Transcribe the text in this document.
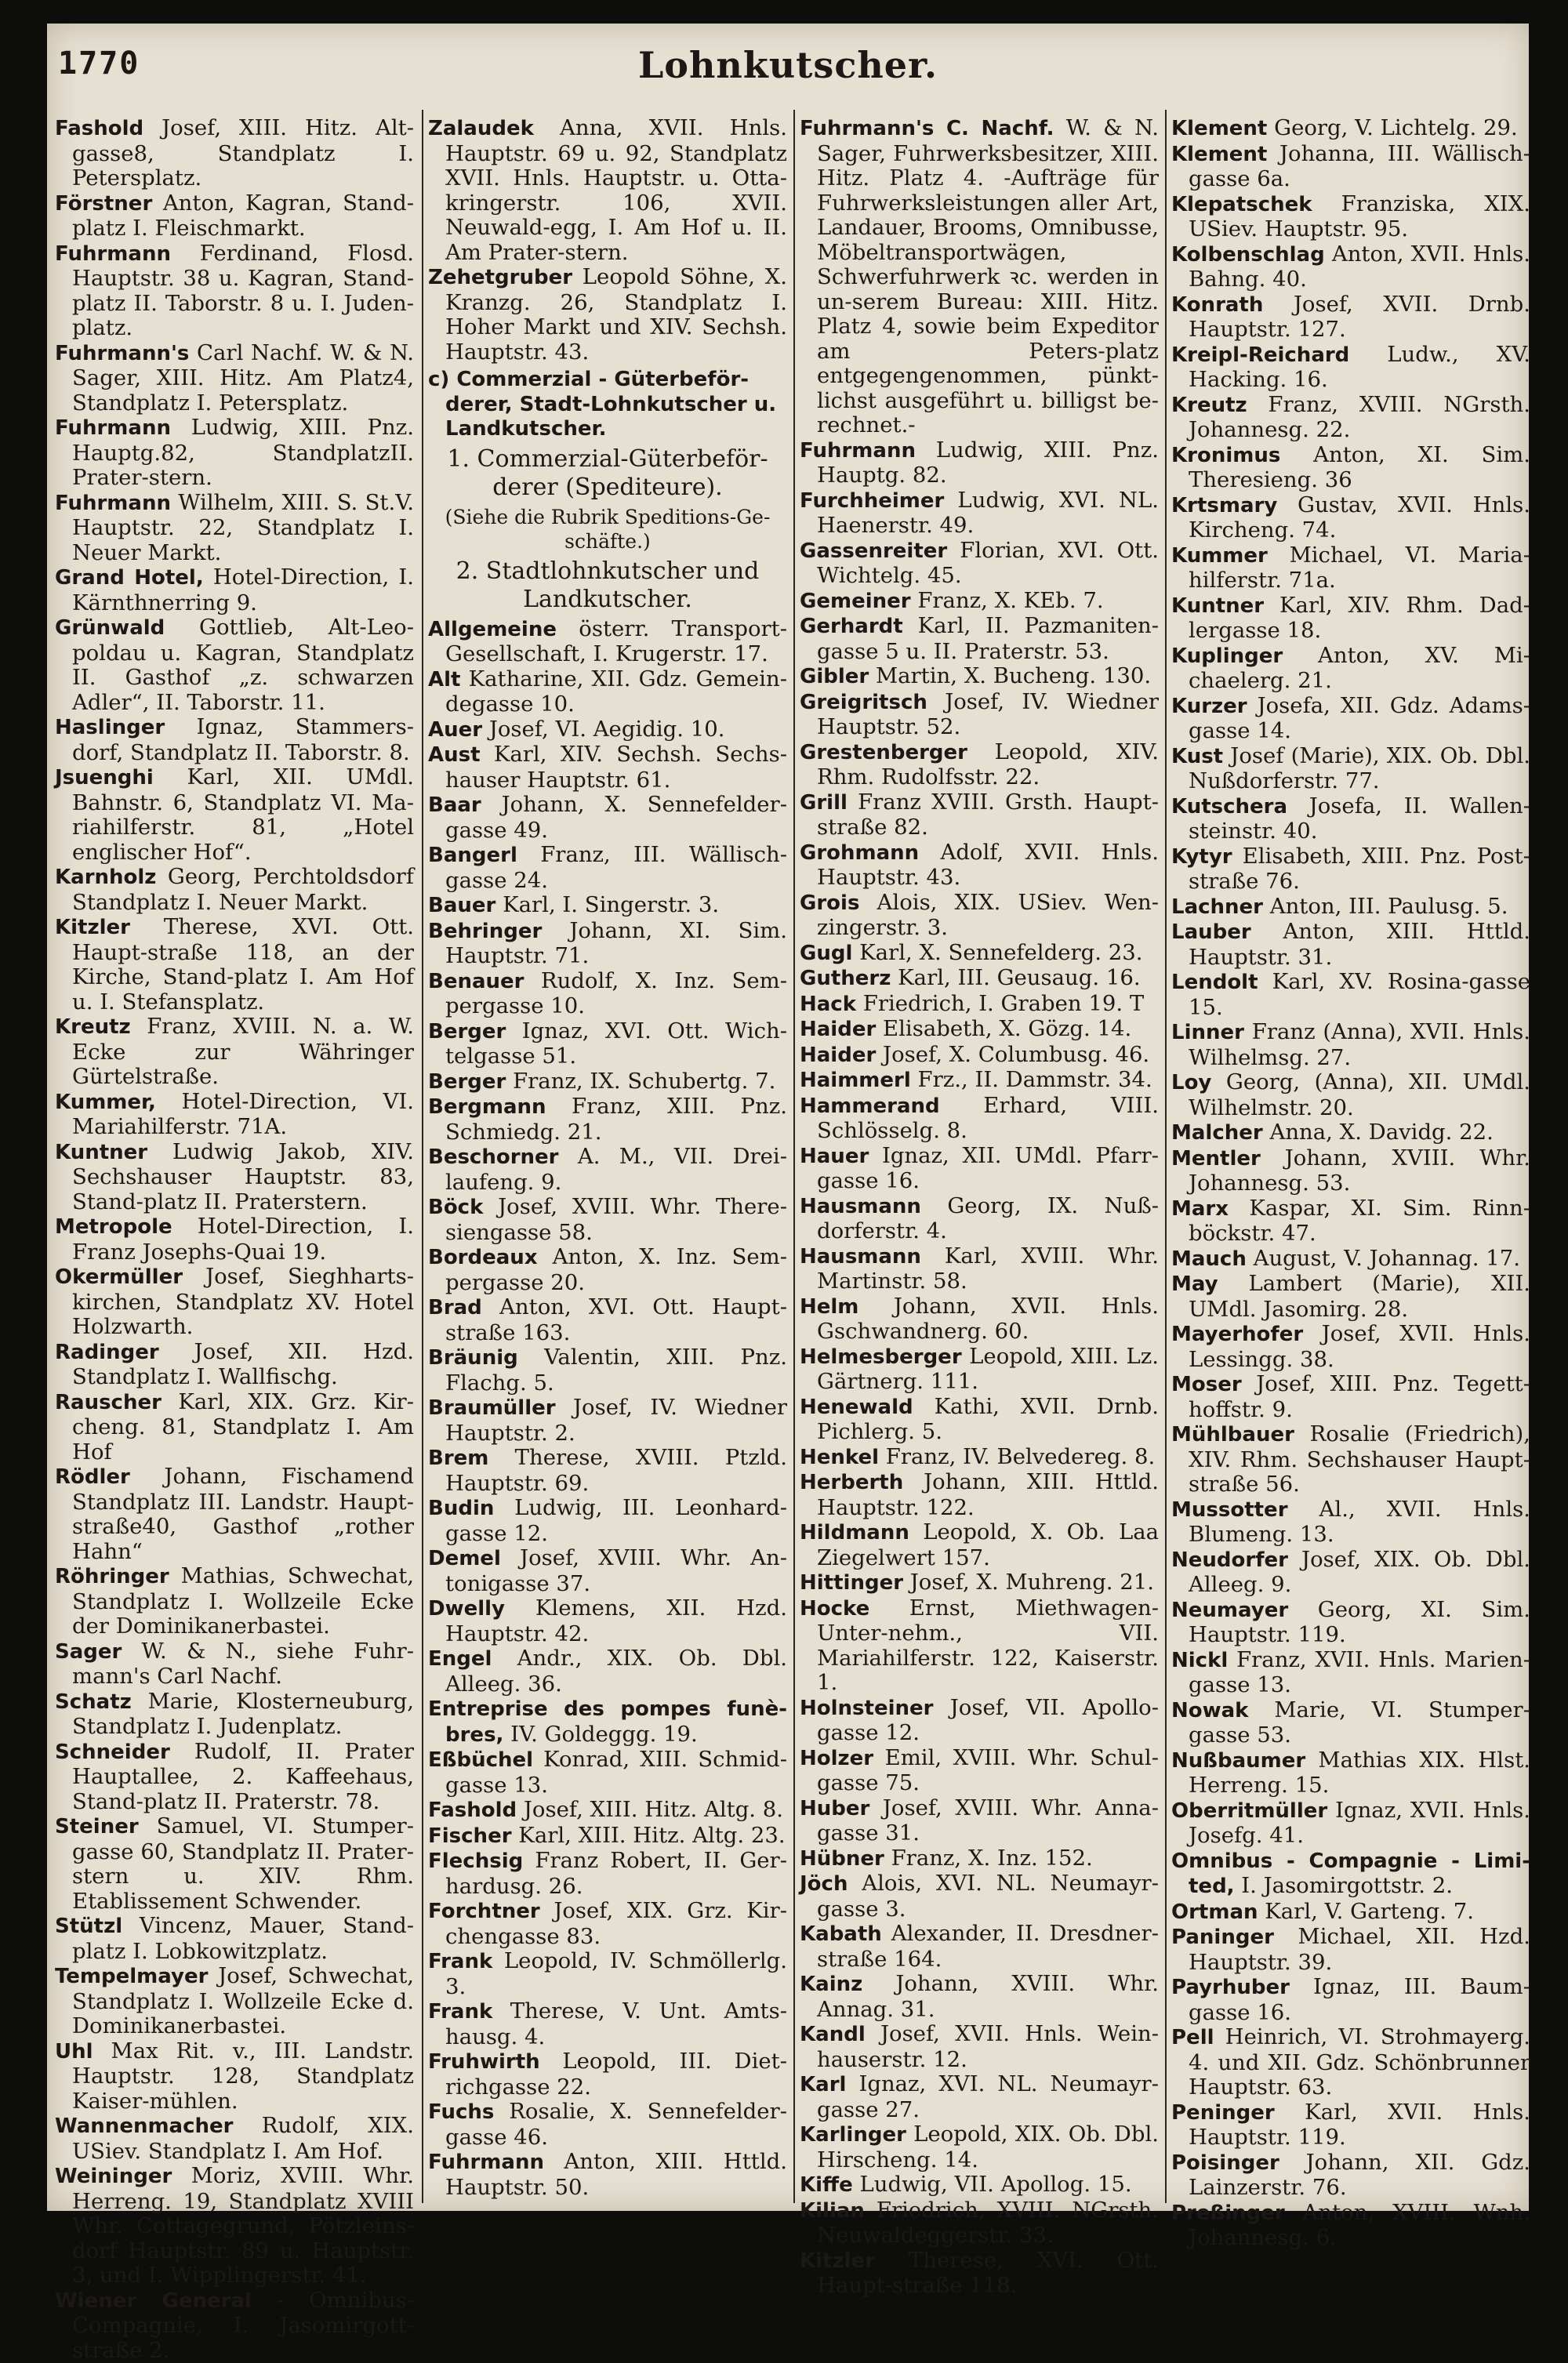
1770	Lohnkutscher.

Fashold Josef, XIII. Hitz. Alt-gasse8, Standplatz I. Petersplatz.

Förstner Anton, Kagran, Stand-platz I. Fleischmarkt.

Fuhrmann Ferdinand, Flosd. Hauptstr. 38 u. Kagran, Stand-platz II. Taborstr. 8 u. I. Juden-platz.

Fuhrmann's Carl Nachf. W. & N. Sager, XIII. Hitz. Am Platz4, Standplatz I. Petersplatz.

Fuhrmann Ludwig, XIII. Pnz. Hauptg.82, StandplatzII. Prater-stern.

Fuhrmann Wilhelm, XIII. S. St.V. Hauptstr. 22, Standplatz I. Neuer Markt.

Grand Hotel, Hotel-Direction, I. Kärnthnerring 9.

Grünwald Gottlieb, Alt-Leo-poldau u. Kagran, Standplatz II. Gasthof „z. schwarzen Adler“, II. Taborstr. 11.

Haslinger Ignaz, Stammers-dorf, Standplatz II. Taborstr. 8.

Jsuenghi Karl, XII. UMdl. Bahnstr. 6, Standplatz VI. Ma-riahilferstr. 81, „Hotel englischer Hof“.

Karnholz Georg, Perchtoldsdorf Standplatz I. Neuer Markt.

Kitzler Therese, XVI. Ott. Haupt-straße 118, an der Kirche, Stand-platz I. Am Hof u. I. Stefansplatz.

Kreutz Franz, XVIII. N. a. W. Ecke zur Währinger Gürtelstraße.

Kummer, Hotel-Direction, VI. Mariahilferstr. 71A.

Kuntner Ludwig Jakob, XIV. Sechshauser Hauptstr. 83, Stand-platz II. Praterstern.

Metropole Hotel-Direction, I. Franz Josephs-Quai 19.

Okermüller Josef, Sieghharts-kirchen, Standplatz XV. Hotel Holzwarth.

Radinger Josef, XII. Hzd. Standplatz I. Wallfischg.

Rauscher Karl, XIX. Grz. Kir-cheng. 81, Standplatz I. Am Hof

Rödler Johann, Fischamend Standplatz III. Landstr. Haupt-straße40, Gasthof „rother Hahn“

Röhringer Mathias, Schwechat, Standplatz I. Wollzeile Ecke der Dominikanerbastei.

Sager W. & N., siehe Fuhr-mann's Carl Nachf.

Schatz Marie, Klosterneuburg, Standplatz I. Judenplatz.

Schneider Rudolf, II. Prater Hauptallee, 2. Kaffeehaus, Stand-platz II. Praterstr. 78.

Steiner Samuel, VI. Stumper-gasse 60, Standplatz II. Prater-stern u. XIV. Rhm. Etablissement Schwender.

Stützl Vincenz, Mauer, Stand-platz I. Lobkowitzplatz.

Tempelmayer Josef, Schwechat, Standplatz I. Wollzeile Ecke d. Dominikanerbastei.

Uhl Max Rit. v., III. Landstr. Hauptstr. 128, Standplatz Kaiser-mühlen.

Wannenmacher Rudolf, XIX. USiev. Standplatz I. Am Hof.

Weininger Moriz, XVIII. Whr. Herreng. 19, Standplatz XVIII Whr. Cottagegrund, Pötzleins-dorf Hauptstr. 89 u. Hauptstr. 3, und I. Wipplingerstr. 41.

Wiener General - Omnibus-Compagnie, I. Jasomirgott-straße 2.

Zalaudek Anna, XVII. Hnls. Hauptstr. 69 u. 92, Standplatz XVII. Hnls. Hauptstr. u. Otta-kringerstr. 106, XVII. Neuwald-egg, I. Am Hof u. II. Am Prater-stern.

Zehetgruber Leopold Söhne, X. Kranzg. 26, Standplatz I. Hoher Markt und XIV. Sechsh. Hauptstr. 43.

c) Commerzial - Güterbeför-derer, Stadt-Lohnkutscher u. Landkutscher.
1. Commerzial-Güterbeför-derer (Spediteure).
(Siehe die Rubrik Speditions-Ge-schäfte.)
2. Stadtlohnkutscher und Landkutscher.

Allgemeine österr. Transport-Gesellschaft, I. Krugerstr. 17.

Alt Katharine, XII. Gdz. Gemein-degasse 10.

Auer Josef, VI. Aegidig. 10.

Aust Karl, XIV. Sechsh. Sechs-hauser Hauptstr. 61.

Baar Johann, X. Sennefelder-gasse 49.

Bangerl Franz, III. Wällisch-gasse 24.

Bauer Karl, I. Singerstr. 3.

Behringer Johann, XI. Sim. Hauptstr. 71.

Benauer Rudolf, X. Inz. Sem-pergasse 10.

Berger Ignaz, XVI. Ott. Wich-telgasse 51.

Berger Franz, IX. Schubertg. 7.

Bergmann Franz, XIII. Pnz. Schmiedg. 21.

Beschorner A. M., VII. Drei-laufeng. 9.

Böck Josef, XVIII. Whr. There-siengasse 58.

Bordeaux Anton, X. Inz. Sem-pergasse 20.

Brad Anton, XVI. Ott. Haupt-straße 163.

Bräunig Valentin, XIII. Pnz. Flachg. 5.

Braumüller Josef, IV. Wiedner Hauptstr. 2.

Brem Therese, XVIII. Ptzld. Hauptstr. 69.

Budin Ludwig, III. Leonhard-gasse 12.

Demel Josef, XVIII. Whr. An-tonigasse 37.

Dwelly Klemens, XII. Hzd. Hauptstr. 42.

Engel Andr., XIX. Ob. Dbl. Alleeg. 36.

Entreprise des pompes funè-bres, IV. Goldeggg. 19.

Eßbüchel Konrad, XIII. Schmid-gasse 13.

Fashold Josef, XIII. Hitz. Altg. 8.

Fischer Karl, XIII. Hitz. Altg. 23.

Flechsig Franz Robert, II. Ger-hardusg. 26.

Forchtner Josef, XIX. Grz. Kir-chengasse 83.

Frank Leopold, IV. Schmöllerlg. 3.

Frank Therese, V. Unt. Amts-hausg. 4.

Fruhwirth Leopold, III. Diet-richgasse 22.

Fuchs Rosalie, X. Sennefelder-gasse 46.

Fuhrmann Anton, XIII. Httld. Hauptstr. 50.

Fuhrmann's C. Nachf. W. & N. Sager, Fuhrwerksbesitzer, XIII. Hitz. Platz 4. -Aufträge für Fuhrwerksleistungen aller Art, Landauer, Brooms, Omnibusse, Möbeltransportwägen, Schwerfuhrwerk ꝛc. werden in un-serem Bureau: XIII. Hitz. Platz 4, sowie beim Expeditor am Peters-platz entgegengenommen, pünkt-lichst ausgeführt u. billigst be-rechnet.-

Fuhrmann Ludwig, XIII. Pnz. Hauptg. 82.

Furchheimer Ludwig, XVI. NL. Haenerstr. 49.

Gassenreiter Florian, XVI. Ott. Wichtelg. 45.

Gemeiner Franz, X. KEb. 7.

Gerhardt Karl, II. Pazmaniten-gasse 5 u. II. Praterstr. 53.

Gibler Martin, X. Bucheng. 130.

Greigritsch Josef, IV. Wiedner Hauptstr. 52.

Grestenberger Leopold, XIV. Rhm. Rudolfsstr. 22.

Grill Franz XVIII. Grsth. Haupt-straße 82.

Grohmann Adolf, XVII. Hnls. Hauptstr. 43.

Grois Alois, XIX. USiev. Wen-zingerstr. 3.

Gugl Karl, X. Sennefelderg. 23.

Gutherz Karl, III. Geusaug. 16.

Hack Friedrich, I. Graben 19. T

Haider Elisabeth, X. Gözg. 14.

Haider Josef, X. Columbusg. 46.

Haimmerl Frz., II. Dammstr. 34.

Hammerand Erhard, VIII. Schlösselg. 8.

Hauer Ignaz, XII. UMdl. Pfarr-gasse 16.

Hausmann Georg, IX. Nuß-dorferstr. 4.

Hausmann Karl, XVIII. Whr. Martinstr. 58.

Helm Johann, XVII. Hnls. Gschwandnerg. 60.

Helmesberger Leopold, XIII. Lz. Gärtnerg. 111.

Henewald Kathi, XVII. Drnb. Pichlerg. 5.

Henkel Franz, IV. Belvedereg. 8.

Herberth Johann, XIII. Httld. Hauptstr. 122.

Hildmann Leopold, X. Ob. Laa Ziegelwert 157.

Hittinger Josef, X. Muhreng. 21.

Hocke Ernst, Miethwagen-Unter-nehm., VII. Mariahilferstr. 122, Kaiserstr. 1.

Holnsteiner Josef, VII. Apollo-gasse 12.

Holzer Emil, XVIII. Whr. Schul-gasse 75.

Huber Josef, XVIII. Whr. Anna-gasse 31.

Hübner Franz, X. Inz. 152.

Jöch Alois, XVI. NL. Neumayr-gasse 3.

Kabath Alexander, II. Dresdner-straße 164.

Kainz Johann, XVIII. Whr. Annag. 31.

Kandl Josef, XVII. Hnls. Wein-hauserstr. 12.

Karl Ignaz, XVI. NL. Neumayr-gasse 27.

Karlinger Leopold, XIX. Ob. Dbl. Hirscheng. 14.

Kiffe Ludwig, VII. Apollog. 15.

Kilian Friedrich, XVIII. NGrsth. Neuwaldeggerstr. 33.

Kitzler Therese, XVI. Ott. Haupt-straße 118.

Klement Georg, V. Lichtelg. 29.

Klement Johanna, III. Wällisch-gasse 6a.

Klepatschek Franziska, XIX. USiev. Hauptstr. 95.

Kolbenschlag Anton, XVII. Hnls. Bahng. 40.

Konrath Josef, XVII. Drnb. Hauptstr. 127.

Kreipl-Reichard Ludw., XV. Hacking. 16.

Kreutz Franz, XVIII. NGrsth. Johannesg. 22.

Kronimus Anton, XI. Sim. Theresieng. 36

Krtsmary Gustav, XVII. Hnls. Kircheng. 74.

Kummer Michael, VI. Maria-hilferstr. 71a.

Kuntner Karl, XIV. Rhm. Dad-lergasse 18.

Kuplinger Anton, XV. Mi-chaelerg. 21.

Kurzer Josefa, XII. Gdz. Adams-gasse 14.

Kust Josef (Marie), XIX. Ob. Dbl. Nußdorferstr. 77.

Kutschera Josefa, II. Wallen-steinstr. 40.

Kytyr Elisabeth, XIII. Pnz. Post-straße 76.

Lachner Anton, III. Paulusg. 5.

Lauber Anton, XIII. Httld. Hauptstr. 31.

Lendolt Karl, XV. Rosina-gasse 15.

Linner Franz (Anna), XVII. Hnls. Wilhelmsg. 27.

Loy Georg, (Anna), XII. UMdl. Wilhelmstr. 20.

Malcher Anna, X. Davidg. 22.

Mentler Johann, XVIII. Whr. Johannesg. 53.

Marx Kaspar, XI. Sim. Rinn-böckstr. 47.

Mauch August, V. Johannag. 17.

May Lambert (Marie), XII. UMdl. Jasomirg. 28.

Mayerhofer Josef, XVII. Hnls. Lessingg. 38.

Moser Josef, XIII. Pnz. Tegett-hoffstr. 9.

Mühlbauer Rosalie (Friedrich), XIV. Rhm. Sechshauser Haupt-straße 56.

Mussotter Al., XVII. Hnls. Blumeng. 13.

Neudorfer Josef, XIX. Ob. Dbl. Alleeg. 9.

Neumayer Georg, XI. Sim. Hauptstr. 119.

Nickl Franz, XVII. Hnls. Marien-gasse 13.

Nowak Marie, VI. Stumper-gasse 53.

Nußbaumer Mathias XIX. Hlst. Herreng. 15.

Oberritmüller Ignaz, XVII. Hnls. Josefg. 41.

Omnibus - Compagnie - Limi-ted, I. Jasomirgottstr. 2.

Ortman Karl, V. Garteng. 7.

Paninger Michael, XII. Hzd. Hauptstr. 39.

Payrhuber Ignaz, III. Baum-gasse 16.

Pell Heinrich, VI. Strohmayerg. 4. und XII. Gdz. Schönbrunner Hauptstr. 63.

Peninger Karl, XVII. Hnls. Hauptstr. 119.

Poisinger Johann, XII. Gdz. Lainzerstr. 76.

Preßinger Anton, XVIII. Wnh. Johannesg. 6.
